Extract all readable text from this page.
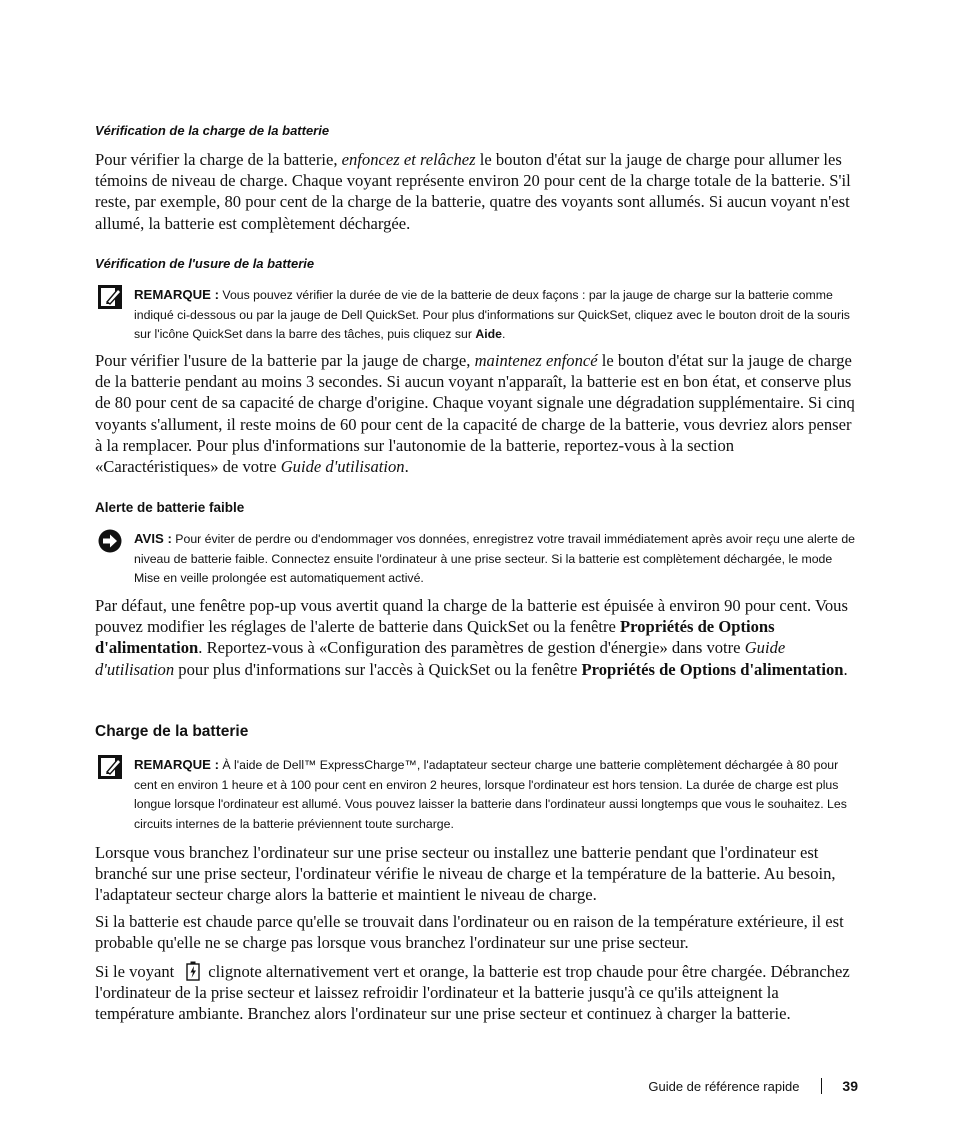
Vérification de la charge de la batterie

Pour vérifier la charge de la batterie, enfoncez et relâchez le bouton d'état sur la jauge de charge pour allumer les témoins de niveau de charge. Chaque voyant représente environ 20 pour cent de la charge totale de la batterie. S'il reste, par exemple, 80 pour cent de la charge de la batterie, quatre des voyants sont allumés. Si aucun voyant n'est allumé, la batterie est complètement déchargée.

Vérification de l'usure de la batterie
REMARQUE : Vous pouvez vérifier la durée de vie de la batterie de deux façons : par la jauge de charge sur la batterie comme indiqué ci-dessous ou par la jauge de Dell QuickSet. Pour plus d'informations sur QuickSet, cliquez avec le bouton droit de la souris sur l'icône QuickSet dans la barre des tâches, puis cliquez sur Aide.

Pour vérifier l'usure de la batterie par la jauge de charge, maintenez enfoncé le bouton d'état sur la jauge de charge de la batterie pendant au moins 3 secondes. Si aucun voyant n'apparaît, la batterie est en bon état, et conserve plus de 80 pour cent de sa capacité de charge d'origine. Chaque voyant signale une dégradation supplémentaire. Si cinq voyants s'allument, il reste moins de 60 pour cent de la capacité de charge de la batterie, vous devriez alors penser à la remplacer. Pour plus d'informations sur l'autonomie de la batterie, reportez-vous à la section «Caractéristiques» de votre Guide d'utilisation.

Alerte de batterie faible
AVIS : Pour éviter de perdre ou d'endommager vos données, enregistrez votre travail immédiatement après avoir reçu une alerte de niveau de batterie faible. Connectez ensuite l'ordinateur à une prise secteur. Si la batterie est complètement déchargée, le mode Mise en veille prolongée est automatiquement activé.

Par défaut, une fenêtre pop-up vous avertit quand la charge de la batterie est épuisée à environ 90 pour cent. Vous pouvez modifier les réglages de l'alerte de batterie dans QuickSet ou la fenêtre Propriétés de Options d'alimentation. Reportez-vous à «Configuration des paramètres de gestion d'énergie» dans votre Guide d'utilisation pour plus d'informations sur l'accès à QuickSet ou la fenêtre Propriétés de Options d'alimentation.

Charge de la batterie
REMARQUE : À l'aide de Dell™ ExpressCharge™, l'adaptateur secteur charge une batterie complètement déchargée à 80 pour cent en environ 1 heure et à 100 pour cent en environ 2 heures, lorsque l'ordinateur est hors tension. La durée de charge est plus longue lorsque l'ordinateur est allumé. Vous pouvez laisser la batterie dans l'ordinateur aussi longtemps que vous le souhaitez. Les circuits internes de la batterie préviennent toute surcharge.

Lorsque vous branchez l'ordinateur sur une prise secteur ou installez une batterie pendant que l'ordinateur est branché sur une prise secteur, l'ordinateur vérifie le niveau de charge et la température de la batterie. Au besoin, l'adaptateur secteur charge alors la batterie et maintient le niveau de charge.

Si la batterie est chaude parce qu'elle se trouvait dans l'ordinateur ou en raison de la température extérieure, il est probable qu'elle ne se charge pas lorsque vous branchez l'ordinateur sur une prise secteur.

Si le voyant clignote alternativement vert et orange, la batterie est trop chaude pour être chargée. Débranchez l'ordinateur de la prise secteur et laissez refroidir l'ordinateur et la batterie jusqu'à ce qu'ils atteignent la température ambiante. Branchez alors l'ordinateur sur une prise secteur et continuez à charger la batterie.

Guide de référence rapide	39
